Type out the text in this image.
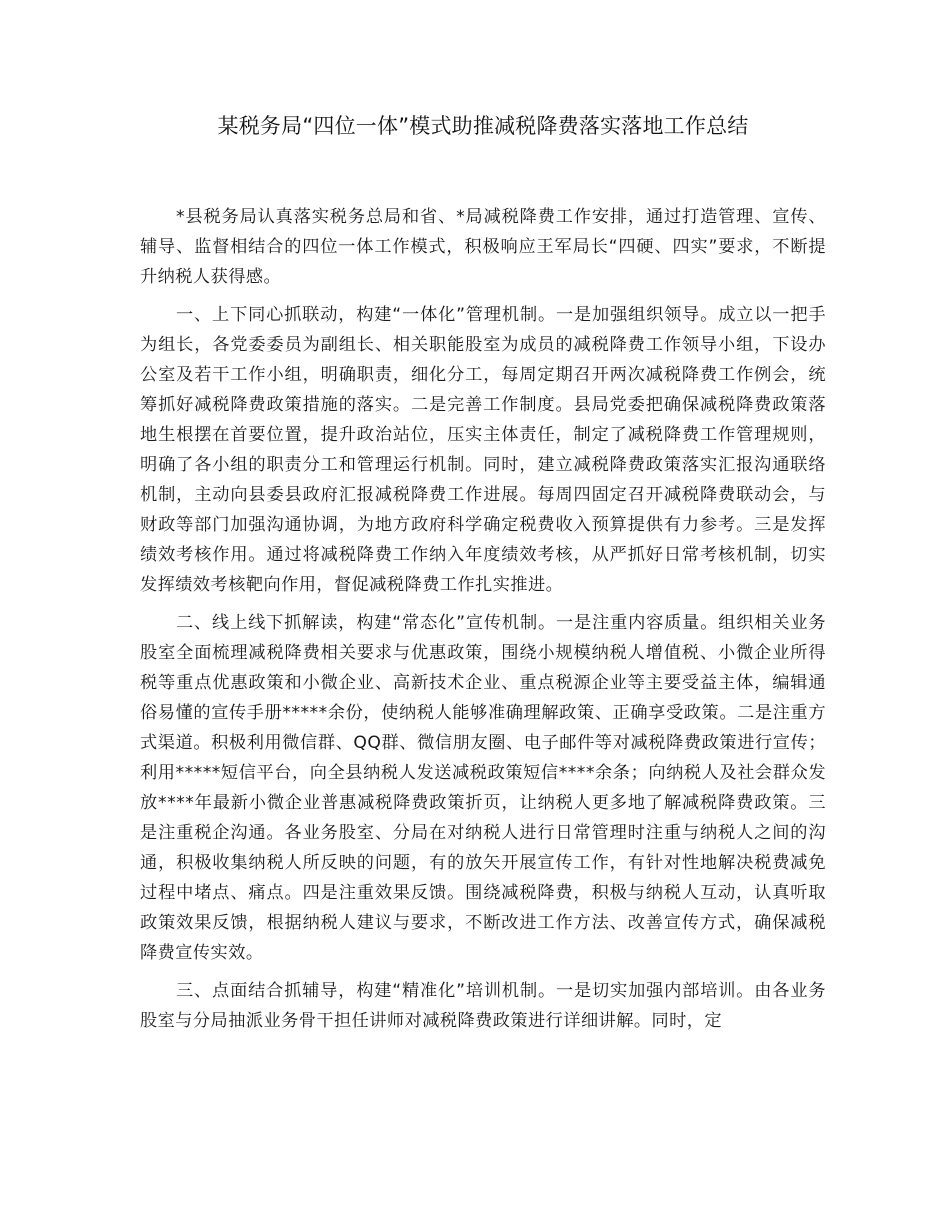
某税务局“四位一体”模式助推减税降费落实落地工作总结

*县税务局认真落实税务总局和省、*局减税降费工作安排，通过打造管理、宣传、辅导、监督相结合的四位一体工作模式，积极响应王军局长“四硬、四实”要求，不断提升纳税人获得感。

一、上下同心抓联动，构建“一体化”管理机制。一是加强组织领导。成立以一把手为组长，各党委委员为副组长、相关职能股室为成员的减税降费工作领导小组，下设办公室及若干工作小组，明确职责，细化分工，每周定期召开两次减税降费工作例会，统筹抓好减税降费政策措施的落实。二是完善工作制度。县局党委把确保减税降费政策落地生根摆在首要位置，提升政治站位，压实主体责任，制定了减税降费工作管理规则，明确了各小组的职责分工和管理运行机制。同时，建立减税降费政策落实汇报沟通联络机制，主动向县委县政府汇报减税降费工作进展。每周四固定召开减税降费联动会，与财政等部门加强沟通协调，为地方政府科学确定税费收入预算提供有力参考。三是发挥绩效考核作用。通过将减税降费工作纳入年度绩效考核，从严抓好日常考核机制，切实发挥绩效考核靶向作用，督促减税降费工作扎实推进。

二、线上线下抓解读，构建“常态化”宣传机制。一是注重内容质量。组织相关业务股室全面梳理减税降费相关要求与优惠政策，围绕小规模纳税人增值税、小微企业所得税等重点优惠政策和小微企业、高新技术企业、重点税源企业等主要受益主体，编辑通俗易懂的宣传手册*****余份，使纳税人能够准确理解政策、正确享受政策。二是注重方式渠道。积极利用微信群、QQ群、微信朋友圈、电子邮件等对减税降费政策进行宣传；利用*****短信平台，向全县纳税人发送减税政策短信****余条；向纳税人及社会群众发放****年最新小微企业普惠减税降费政策折页，让纳税人更多地了解减税降费政策。三是注重税企沟通。各业务股室、分局在对纳税人进行日常管理时注重与纳税人之间的沟通，积极收集纳税人所反映的问题，有的放矢开展宣传工作，有针对性地解决税费减免过程中堵点、痛点。四是注重效果反馈。围绕减税降费，积极与纳税人互动，认真听取政策效果反馈，根据纳税人建议与要求，不断改进工作方法、改善宣传方式，确保减税降费宣传实效。

三、点面结合抓辅导，构建“精准化”培训机制。一是切实加强内部培训。由各业务股室与分局抽派业务骨干担任讲师对减税降费政策进行详细讲解。同时，定
